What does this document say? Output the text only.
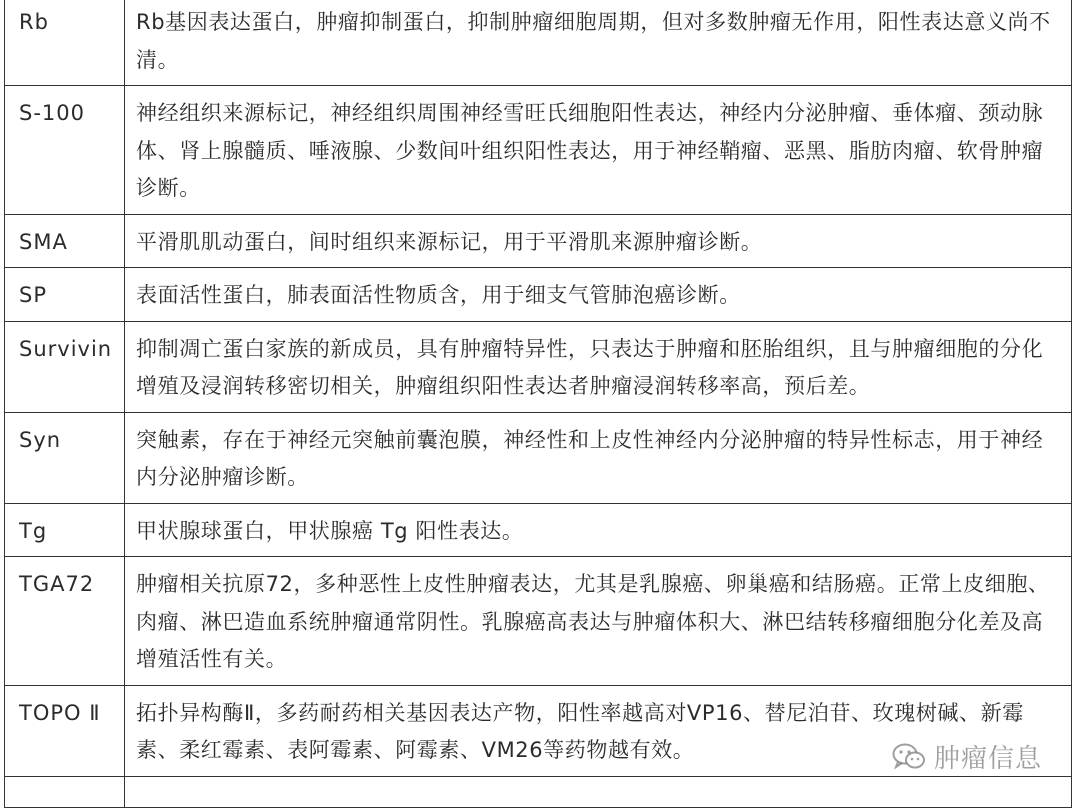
Rb	Rb基因表达蛋白，肿瘤抑制蛋白，抑制肿瘤细胞周期，但对多数肿瘤无作用，阳性表达意义尚不清。
S-100	神经组织来源标记，神经组织周围神经雪旺氏细胞阳性表达，神经内分泌肿瘤、垂体瘤、颈动脉体、肾上腺髓质、唾液腺、少数间叶组织阳性表达，用于神经鞘瘤、恶黑、脂肪肉瘤、软骨肿瘤诊断。
SMA	平滑肌肌动蛋白，间时组织来源标记，用于平滑肌来源肿瘤诊断。
SP	表面活性蛋白，肺表面活性物质含，用于细支气管肺泡癌诊断。
Survivin	抑制凋亡蛋白家族的新成员，具有肿瘤特异性，只表达于肿瘤和胚胎组织，且与肿瘤细胞的分化增殖及浸润转移密切相关，肿瘤组织阳性表达者肿瘤浸润转移率高，预后差。
Syn	突触素，存在于神经元突触前囊泡膜，神经性和上皮性神经内分泌肿瘤的特异性标志，用于神经内分泌肿瘤诊断。
Tg	甲状腺球蛋白，甲状腺癌 Tg 阳性表达。
TGA72	肿瘤相关抗原72，多种恶性上皮性肿瘤表达，尤其是乳腺癌、卵巢癌和结肠癌。正常上皮细胞、肉瘤、淋巴造血系统肿瘤通常阴性。乳腺癌高表达与肿瘤体积大、淋巴结转移瘤细胞分化差及高增殖活性有关。
TOPO Ⅱ	拓扑异构酶Ⅱ，多药耐药相关基因表达产物，阳性率越高对VP16、替尼泊苷、玫瑰树碱、新霉素、柔红霉素、表阿霉素、阿霉素、VM26等药物越有效。
		肿瘤信息
